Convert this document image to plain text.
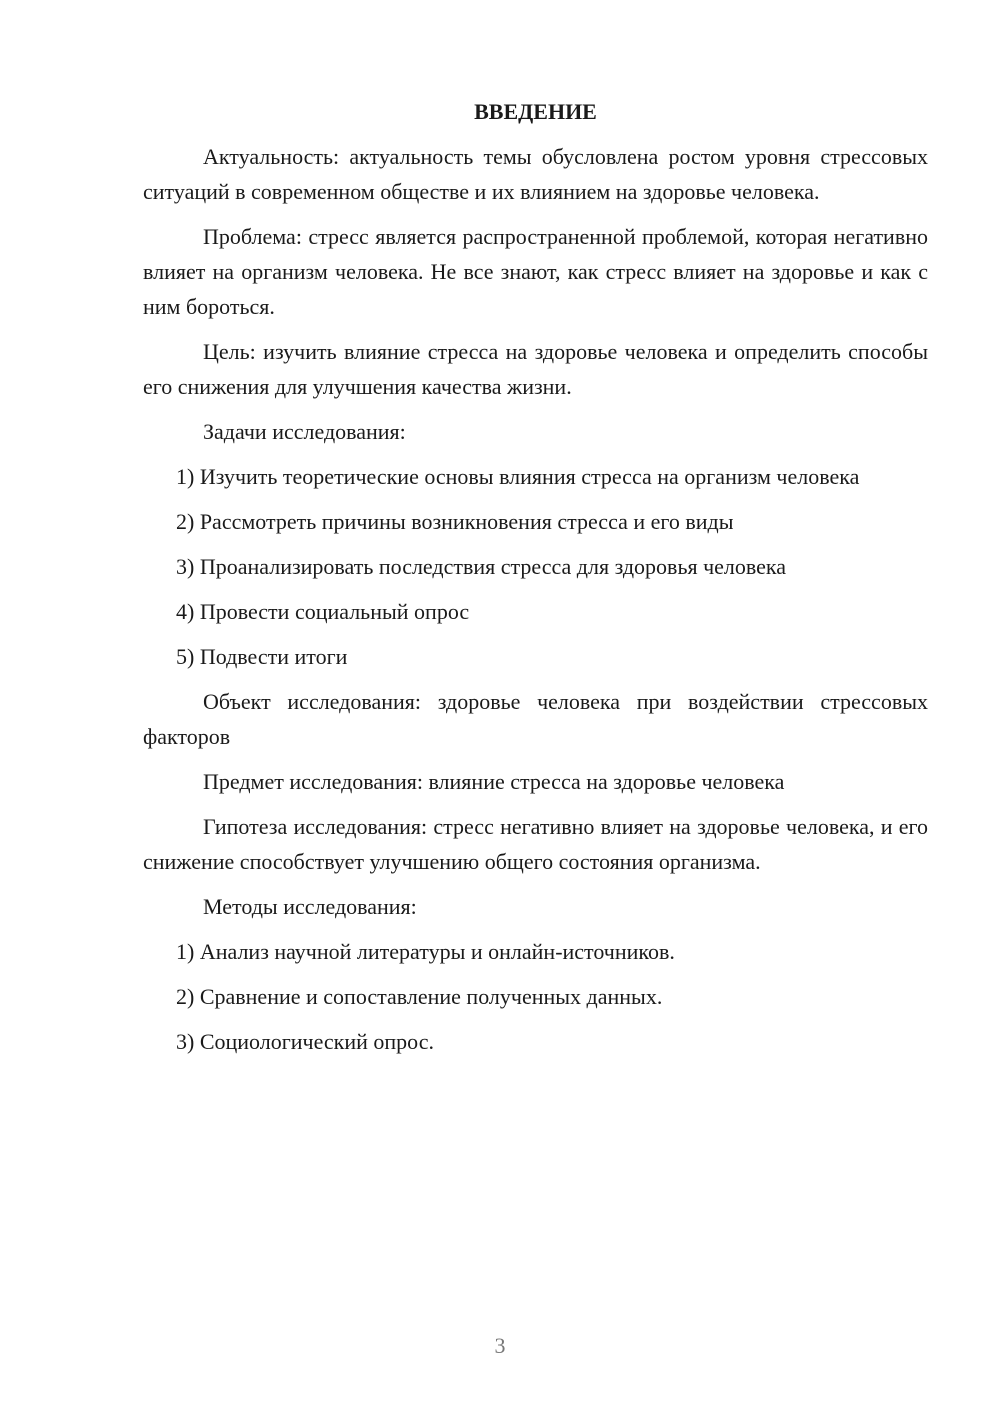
ВВЕДЕНИЕ
Актуальность: актуальность темы обусловлена ростом уровня стрессовых ситуаций в современном обществе и их влиянием на здоровье человека.
Проблема: стресс является распространенной проблемой, которая негативно влияет на организм человека. Не все знают, как стресс влияет на здоровье и как с ним бороться.
Цель: изучить влияние стресса на здоровье человека и определить способы его снижения для улучшения качества жизни.
Задачи исследования:
1) Изучить теоретические основы влияния стресса на организм человека
2) Рассмотреть причины возникновения стресса и его виды
3) Проанализировать последствия стресса для здоровья человека
4) Провести социальный опрос
5) Подвести итоги
Объект исследования: здоровье человека при воздействии стрессовых факторов
Предмет исследования: влияние стресса на здоровье человека
Гипотеза исследования: стресс негативно влияет на здоровье человека, и его снижение способствует улучшению общего состояния организма.
Методы исследования:
1) Анализ научной литературы и онлайн-источников.
2) Сравнение и сопоставление полученных данных.
3) Социологический опрос.
3
